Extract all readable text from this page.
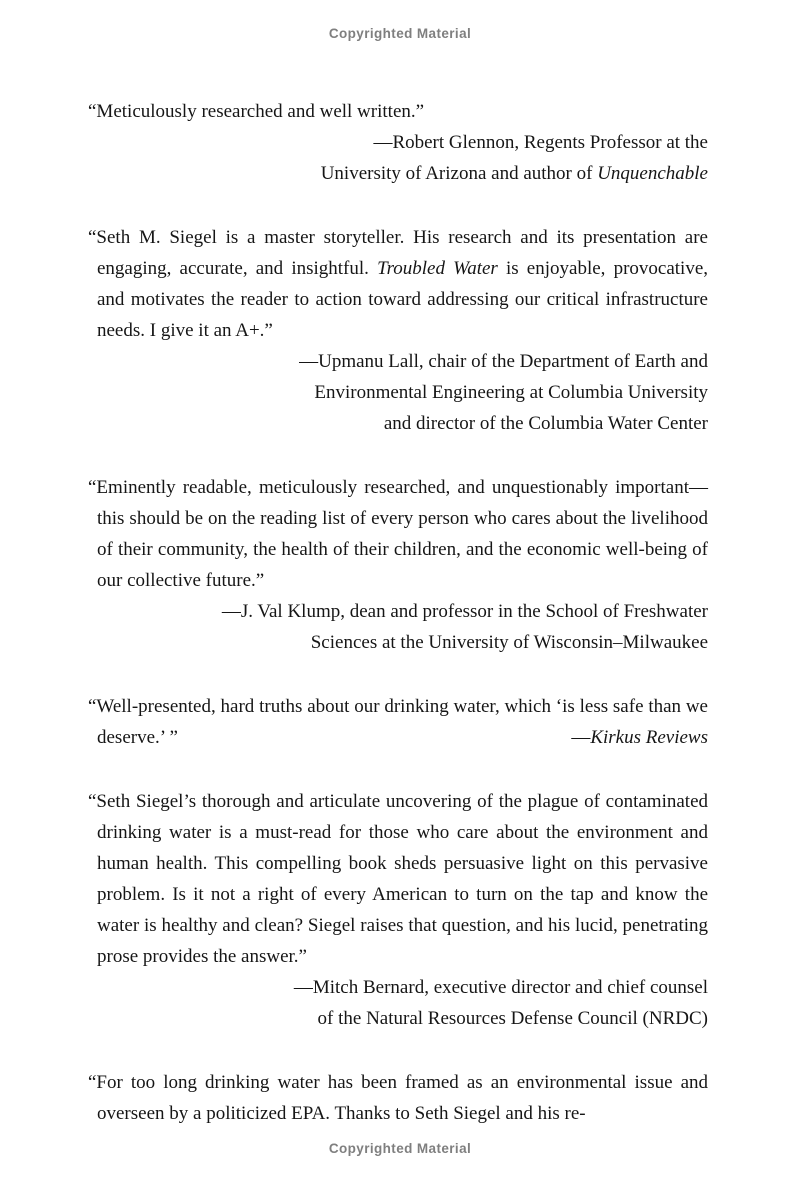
Copyrighted Material

“Meticulously researched and well written.”

—Robert Glennon, Regents Professor at the
University of Arizona and author of Unquenchable

“Seth M. Siegel is a master storyteller. His research and its presentation are engaging, accurate, and insightful. Troubled Water is enjoyable, provocative, and motivates the reader to action toward addressing our critical infrastructure needs. I give it an A+.”

—Upmanu Lall, chair of the Department of Earth and
Environmental Engineering at Columbia University
and director of the Columbia Water Center

“Eminently readable, meticulously researched, and unquestionably important—this should be on the reading list of every person who cares about the livelihood of their community, the health of their children, and the economic well-being of our collective future.”

—J. Val Klump, dean and professor in the School of Freshwater
Sciences at the University of Wisconsin–Milwaukee

“Well-presented, hard truths about our drinking water, which ‘is less safe than we deserve.’ ”	—Kirkus Reviews

“Seth Siegel’s thorough and articulate uncovering of the plague of contaminated drinking water is a must-read for those who care about the environment and human health. This compelling book sheds persuasive light on this pervasive problem. Is it not a right of every American to turn on the tap and know the water is healthy and clean? Siegel raises that question, and his lucid, penetrating prose provides the answer.”

—Mitch Bernard, executive director and chief counsel
of the Natural Resources Defense Council (NRDC)

“For too long drinking water has been framed as an environmental issue and overseen by a politicized EPA. Thanks to Seth Siegel and his re-

Copyrighted Material
